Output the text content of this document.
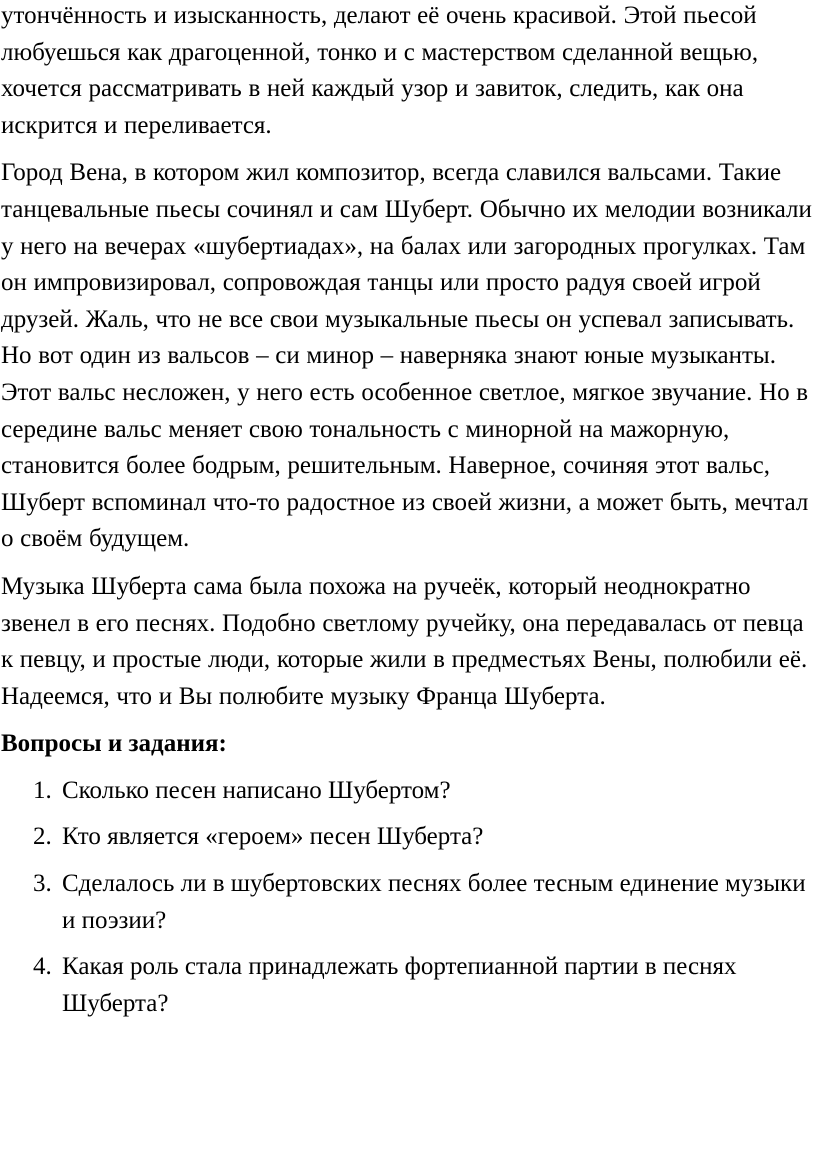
утончённость и изысканность, делают её очень красивой. Этой пьесой любуешься как драгоценной, тонко и с мастерством сделанной вещью, хочется рассматривать в ней каждый узор и завиток, следить, как она искрится и переливается.

Город Вена, в котором жил композитор, всегда славился вальсами. Такие танцевальные пьесы сочинял и сам Шуберт. Обычно их мелодии возникали у него на вечерах «шубертиадах», на балах или загородных прогулках. Там он импровизировал, сопровождая танцы или просто радуя своей игрой друзей. Жаль, что не все свои музыкальные пьесы он успевал записывать. Но вот один из вальсов – си минор – наверняка знают юные музыканты. Этот вальс несложен, у него есть особенное светлое, мягкое звучание. Но в середине вальс меняет свою тональность с минорной на мажорную, становится более бодрым, решительным. Наверное, сочиняя этот вальс, Шуберт вспоминал что-то радостное из своей жизни, а может быть, мечтал о своём будущем.

Музыка Шуберта сама была похожа на ручеёк, который неоднократно звенел в его песнях. Подобно светлому ручейку, она передавалась от певца к певцу, и простые люди, которые жили в предместьях Вены, полюбили её. Надеемся, что и Вы полюбите музыку Франца Шуберта.

Вопросы и задания:

1. Сколько песен написано Шубертом?
2. Кто является «героем» песен Шуберта?
3. Сделалось ли в шубертовских песнях более тесным единение музыки и поэзии?
4. Какая роль стала принадлежать фортепианной партии в песнях Шуберта?
